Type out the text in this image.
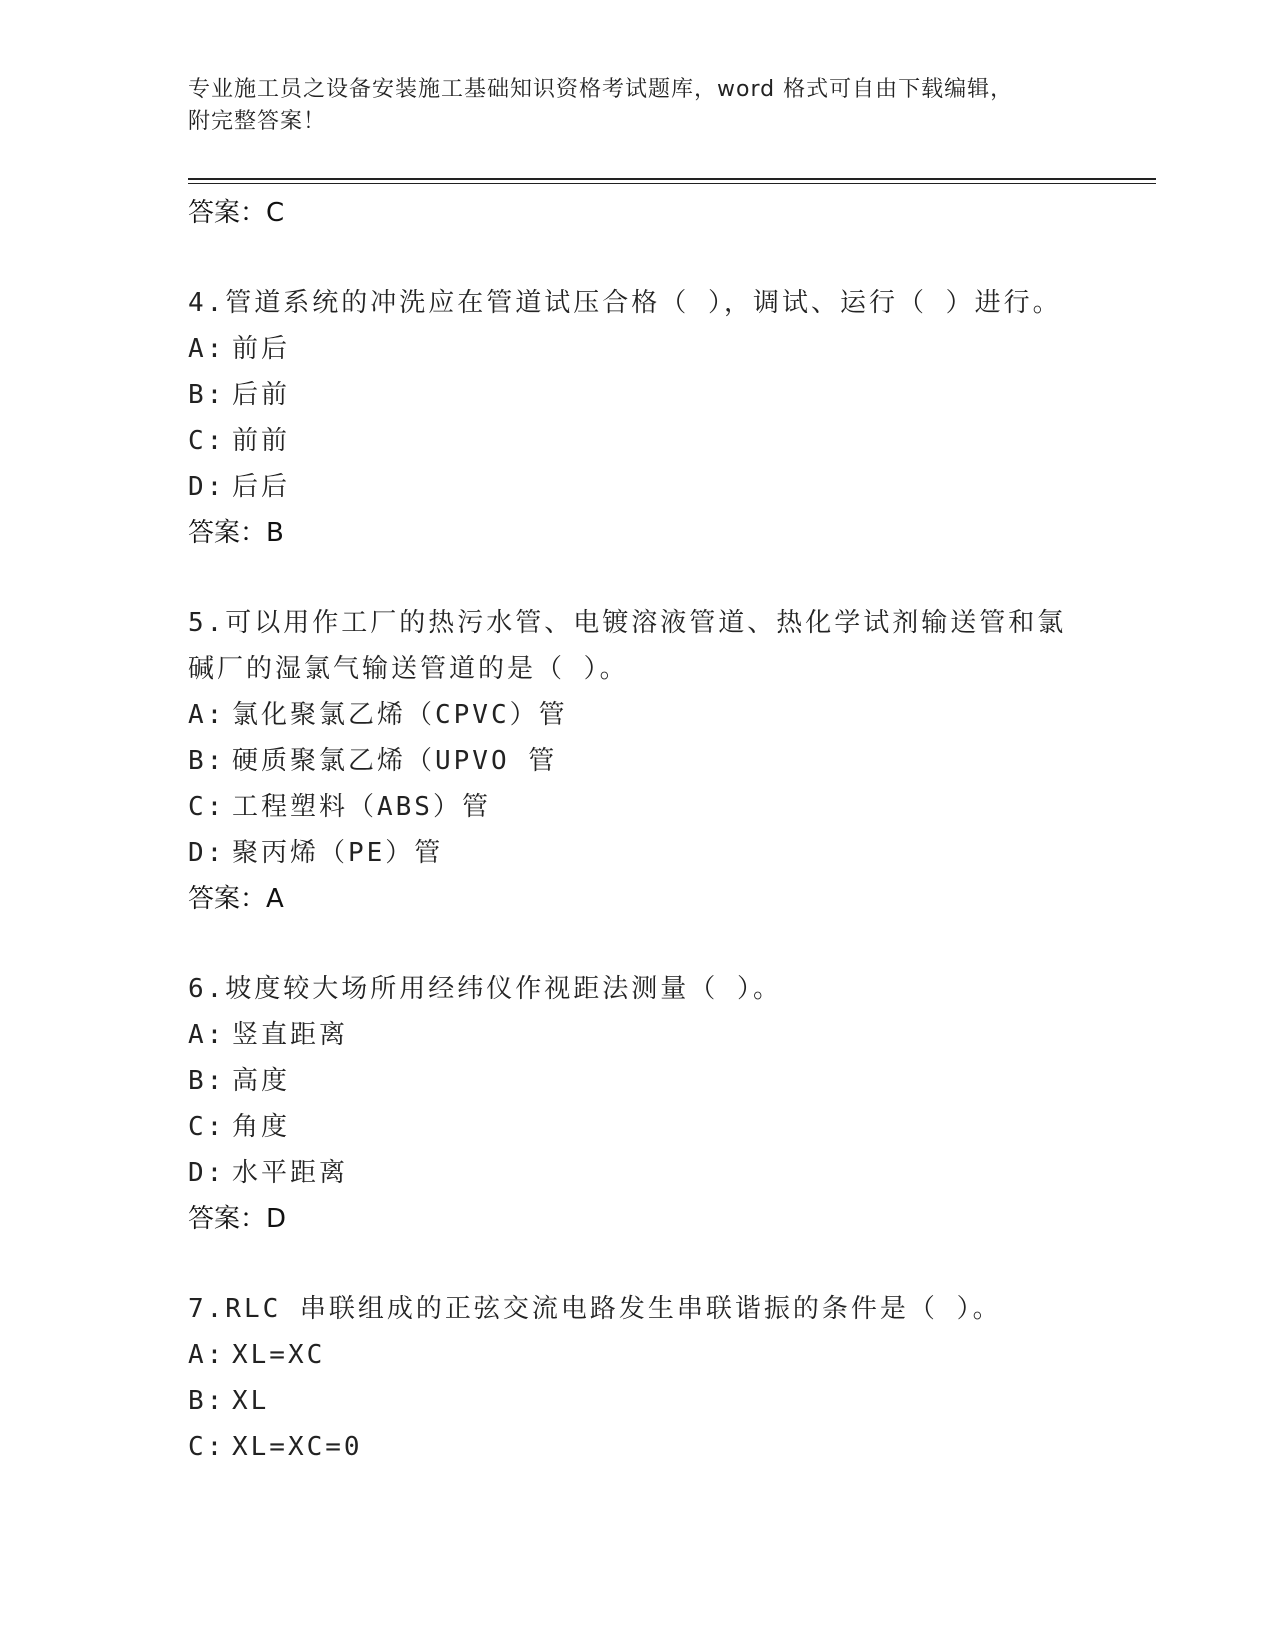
专业施工员之设备安装施工基础知识资格考试题库，word 格式可自由下载编辑，

附完整答案！

答案：C

4.管道系统的冲洗应在管道试压合格（ ），调试、运行（ ）进行。

A: 前后
B: 后前
C: 前前
D: 后后
答案：B

5.可以用作工厂的热污水管、电镀溶液管道、热化学试剂输送管和氯碱厂的湿氯气输送管道的是（ ）。

A: 氯化聚氯乙烯（CPVC）管
B: 硬质聚氯乙烯（UPVO 管
C: 工程塑料（ABS）管
D: 聚丙烯（PE）管
答案：A

6.坡度较大场所用经纬仪作视距法测量（ ）。

A: 竖直距离
B: 高度
C: 角度
D: 水平距离
答案：D

7.RLC 串联组成的正弦交流电路发生串联谐振的条件是（ ）。

A: XL=XC
B: XL
C: XL=XC=0
